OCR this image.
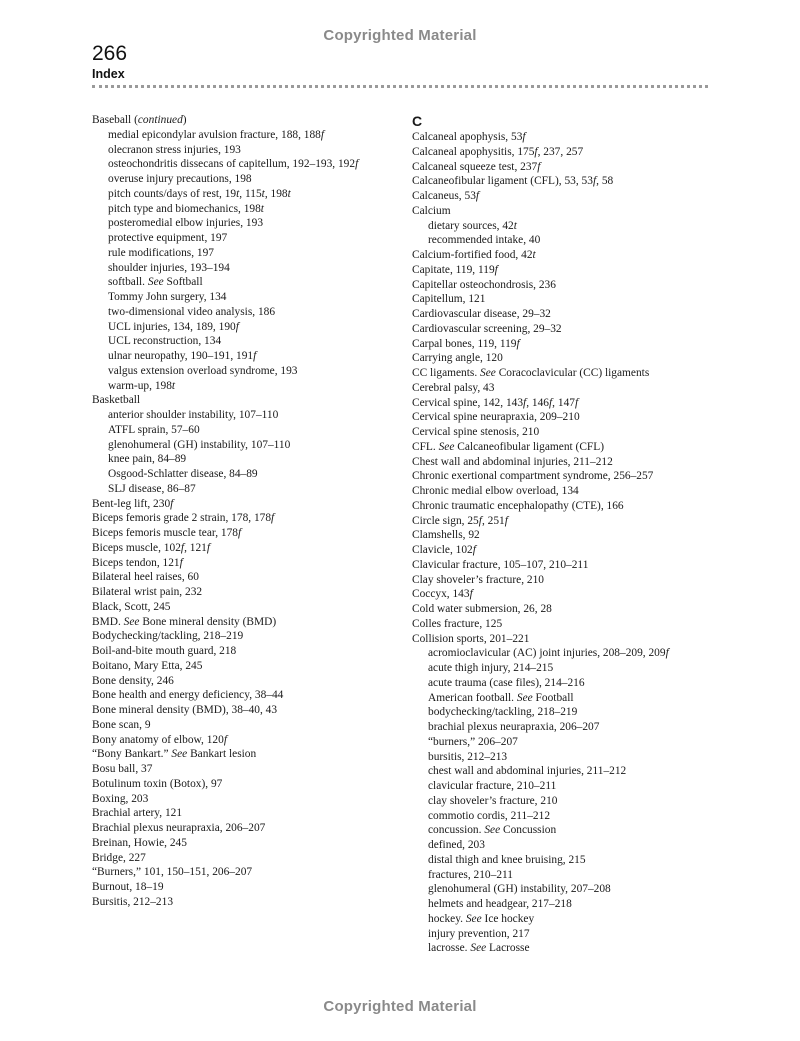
Copyrighted Material
266
Index
Baseball (continued)
medial epicondylar avulsion fracture, 188, 188f
olecranon stress injuries, 193
osteochondritis dissecans of capitellum, 192–193, 192f
overuse injury precautions, 198
pitch counts/days of rest, 19t, 115t, 198t
pitch type and biomechanics, 198t
posteromedial elbow injuries, 193
protective equipment, 197
rule modifications, 197
shoulder injuries, 193–194
softball. See Softball
Tommy John surgery, 134
two-dimensional video analysis, 186
UCL injuries, 134, 189, 190f
UCL reconstruction, 134
ulnar neuropathy, 190–191, 191f
valgus extension overload syndrome, 193
warm-up, 198t
Basketball
anterior shoulder instability, 107–110
ATFL sprain, 57–60
glenohumeral (GH) instability, 107–110
knee pain, 84–89
Osgood-Schlatter disease, 84–89
SLJ disease, 86–87
Bent-leg lift, 230f
Biceps femoris grade 2 strain, 178, 178f
Biceps femoris muscle tear, 178f
Biceps muscle, 102f, 121f
Biceps tendon, 121f
Bilateral heel raises, 60
Bilateral wrist pain, 232
Black, Scott, 245
BMD. See Bone mineral density (BMD)
Bodychecking/tackling, 218–219
Boil-and-bite mouth guard, 218
Boitano, Mary Etta, 245
Bone density, 246
Bone health and energy deficiency, 38–44
Bone mineral density (BMD), 38–40, 43
Bone scan, 9
Bony anatomy of elbow, 120f
“Bony Bankart.” See Bankart lesion
Bosu ball, 37
Botulinum toxin (Botox), 97
Boxing, 203
Brachial artery, 121
Brachial plexus neurapraxia, 206–207
Breinan, Howie, 245
Bridge, 227
“Burners,” 101, 150–151, 206–207
Burnout, 18–19
Bursitis, 212–213
C
Calcaneal apophysis, 53f
Calcaneal apophysitis, 175f, 237, 257
Calcaneal squeeze test, 237f
Calcaneofibular ligament (CFL), 53, 53f, 58
Calcaneus, 53f
Calcium
dietary sources, 42t
recommended intake, 40
Calcium-fortified food, 42t
Capitate, 119, 119f
Capitellar osteochondrosis, 236
Capitellum, 121
Cardiovascular disease, 29–32
Cardiovascular screening, 29–32
Carpal bones, 119, 119f
Carrying angle, 120
CC ligaments. See Coracoclavicular (CC) ligaments
Cerebral palsy, 43
Cervical spine, 142, 143f, 146f, 147f
Cervical spine neurapraxia, 209–210
Cervical spine stenosis, 210
CFL. See Calcaneofibular ligament (CFL)
Chest wall and abdominal injuries, 211–212
Chronic exertional compartment syndrome, 256–257
Chronic medial elbow overload, 134
Chronic traumatic encephalopathy (CTE), 166
Circle sign, 25f, 251f
Clamshells, 92
Clavicle, 102f
Clavicular fracture, 105–107, 210–211
Clay shoveler’s fracture, 210
Coccyx, 143f
Cold water submersion, 26, 28
Colles fracture, 125
Collision sports, 201–221
acromioclavicular (AC) joint injuries, 208–209, 209f
acute thigh injury, 214–215
acute trauma (case files), 214–216
American football. See Football
bodychecking/tackling, 218–219
brachial plexus neurapraxia, 206–207
“burners,” 206–207
bursitis, 212–213
chest wall and abdominal injuries, 211–212
clavicular fracture, 210–211
clay shoveler’s fracture, 210
commotio cordis, 211–212
concussion. See Concussion
defined, 203
distal thigh and knee bruising, 215
fractures, 210–211
glenohumeral (GH) instability, 207–208
helmets and headgear, 217–218
hockey. See Ice hockey
injury prevention, 217
lacrosse. See Lacrosse
Copyrighted Material
